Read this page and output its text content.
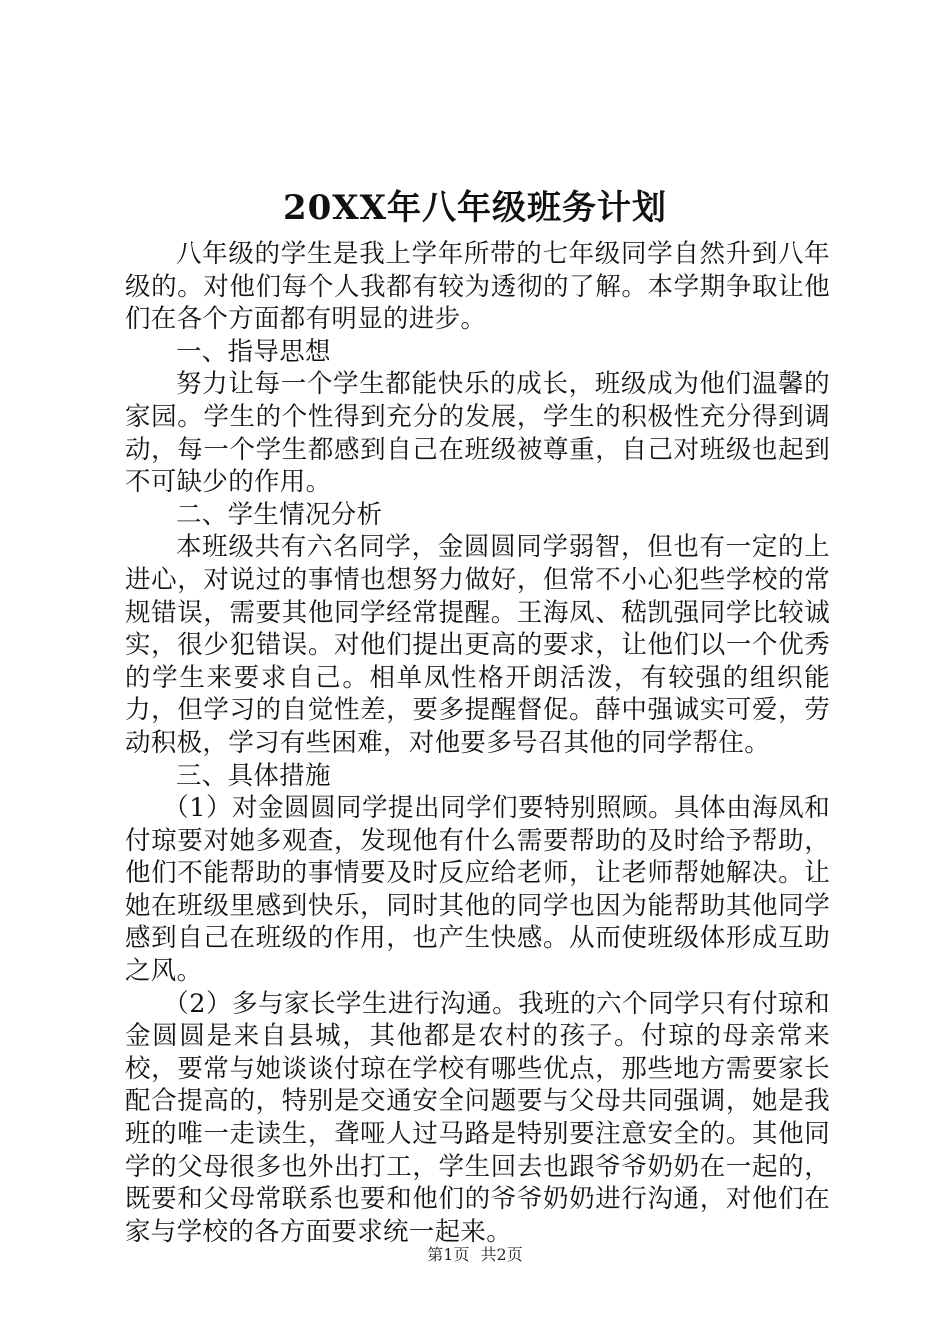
20XX年八年级班务计划

八年级的学生是我上学年所带的七年级同学自然升到八年级的。对他们每个人我都有较为透彻的了解。本学期争取让他们在各个方面都有明显的进步。

一、指导思想

努力让每一个学生都能快乐的成长，班级成为他们温馨的家园。学生的个性得到充分的发展，学生的积极性充分得到调动，每一个学生都感到自己在班级被尊重，自己对班级也起到不可缺少的作用。

二、学生情况分析

本班级共有六名同学，金圆圆同学弱智，但也有一定的上进心，对说过的事情也想努力做好，但常不小心犯些学校的常规错误，需要其他同学经常提醒。王海凤、嵇凯强同学比较诚实，很少犯错误。对他们提出更高的要求，让他们以一个优秀的学生来要求自己。相单凤性格开朗活泼，有较强的组织能力，但学习的自觉性差，要多提醒督促。薛中强诚实可爱，劳动积极，学习有些困难，对他要多号召其他的同学帮住。

三、具体措施

（1）对金圆圆同学提出同学们要特别照顾。具体由海凤和付琼要对她多观查，发现他有什么需要帮助的及时给予帮助，他们不能帮助的事情要及时反应给老师，让老师帮她解决。让她在班级里感到快乐，同时其他的同学也因为能帮助其他同学感到自己在班级的作用，也产生快感。从而使班级体形成互助之风。

（2）多与家长学生进行沟通。我班的六个同学只有付琼和金圆圆是来自县城，其他都是农村的孩子。付琼的母亲常来校，要常与她谈谈付琼在学校有哪些优点，那些地方需要家长配合提高的，特别是交通安全问题要与父母共同强调，她是我班的唯一走读生，聋哑人过马路是特别要注意安全的。其他同学的父母很多也外出打工，学生回去也跟爷爷奶奶在一起的，既要和父母常联系也要和他们的爷爷奶奶进行沟通，对他们在家与学校的各方面要求统一起来。

第1页 共2页
